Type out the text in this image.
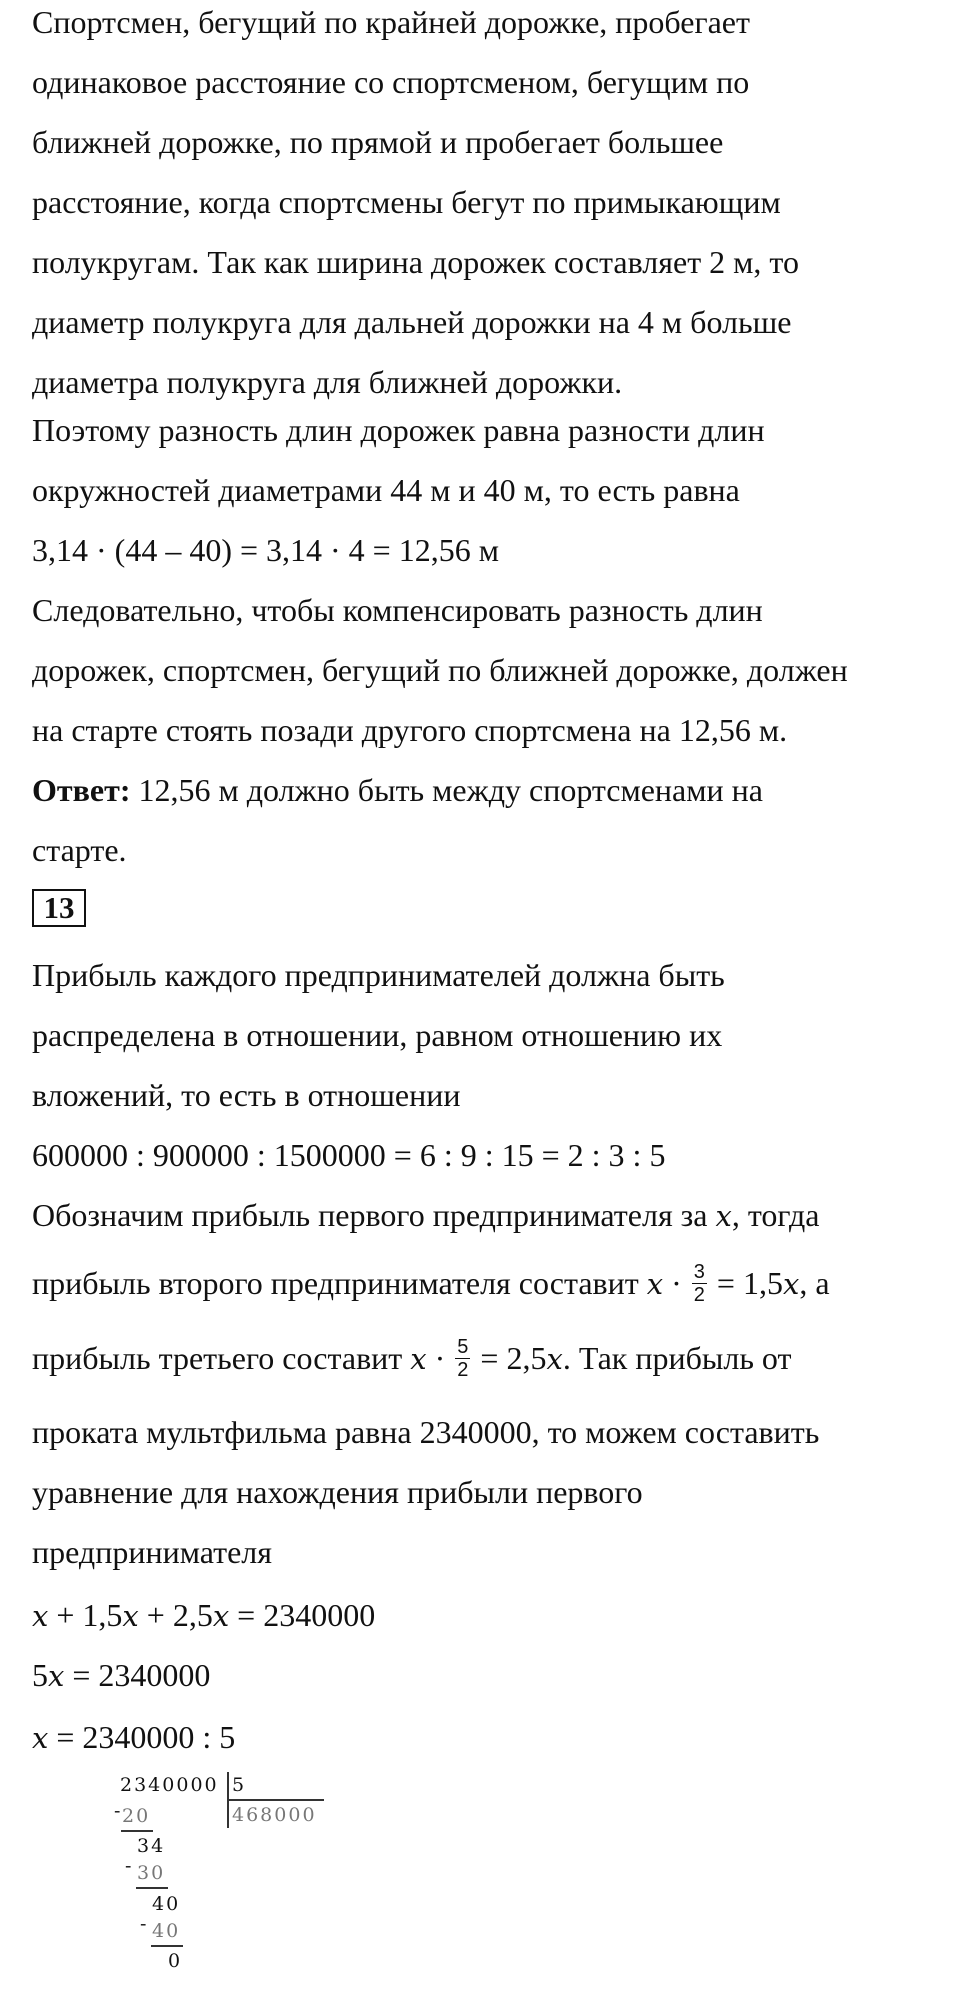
Спортсмен, бегущий по крайней дорожке, пробегает
одинаковое расстояние со спортсменом, бегущим по
ближней дорожке, по прямой и пробегает большее
расстояние, когда спортсмены бегут по примыкающим
полукругам. Так как ширина дорожек составляет 2 м, то
диаметр полукруга для дальней дорожки на 4 м больше
диаметра полукруга для ближней дорожки.
Поэтому разность длин дорожек равна разности длин
окружностей диаметрами 44 м и 40 м, то есть равна
3,14 · (44 – 40) = 3,14 · 4 = 12,56 м
Следовательно, чтобы компенсировать разность длин
дорожек, спортсмен, бегущий по ближней дорожке, должен
на старте стоять позади другого спортсмена на 12,56 м.
Ответ: 12,56 м должно быть между спортсменами на
старте.
13
Прибыль каждого предпринимателей должна быть
распределена в отношении, равном отношению их
вложений, то есть в отношении
600000 : 900000 : 1500000 = 6 : 9 : 15 = 2 : 3 : 5
Обозначим прибыль первого предпринимателя за x, тогда
прибыль второго предпринимателя составит $x \cdot \frac{3}{2} = 1,5x$, а
прибыль третьего составит $x \cdot \frac{5}{2} = 2,5x$. Так прибыль от
проката мультфильма равна 2340000, то можем составить
уравнение для нахождения прибыли первого
предпринимателя
x + 1,5x + 2,5x = 2340000
5x = 2340000
x = 2340000 : 5
2340000 5
468000
- 20
34
- 30
40
- 40
0
